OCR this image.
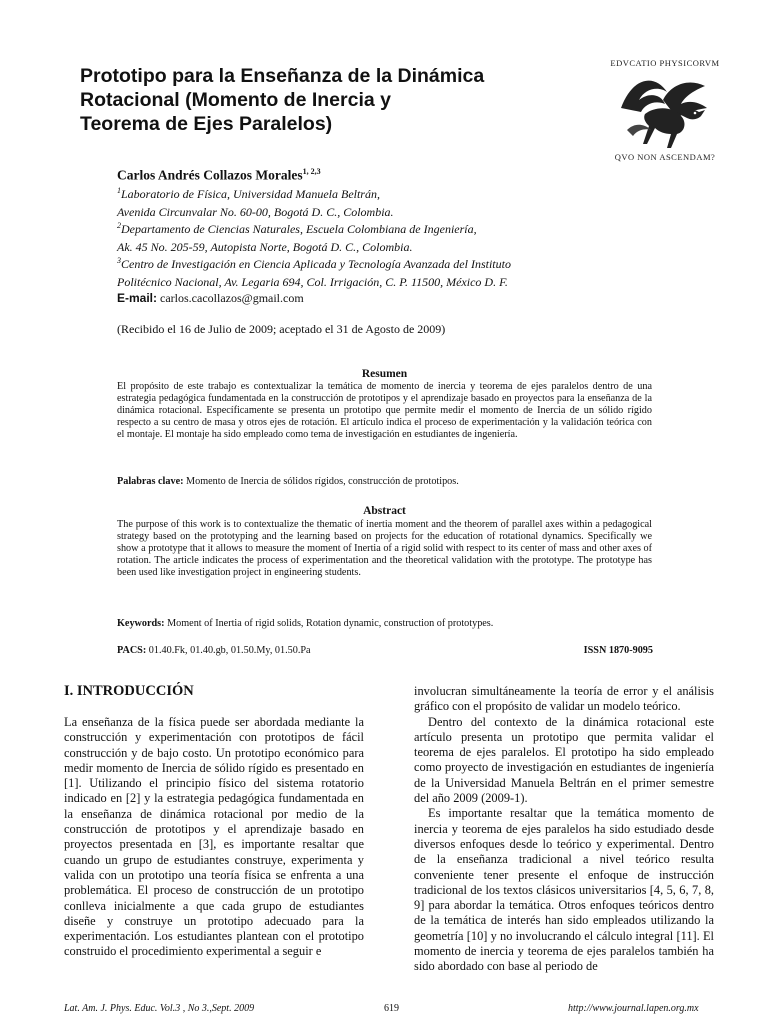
Prototipo para la Enseñanza de la Dinámica
Rotacional (Momento de Inercia y
Teorema de Ejes Paralelos)
EDVCATIO PHYSICORVM
QVO NON ASCENDAM?
Carlos Andrés Collazos Morales$^{1, 2,3}$
$^1$Laboratorio de Física, Universidad Manuela Beltrán,
Avenida Circunvalar No. 60-00, Bogotá D. C., Colombia.
$^2$Departamento de Ciencias Naturales, Escuela Colombiana de Ingeniería,
Ak. 45 No. 205-59, Autopista Norte, Bogotá D. C., Colombia.
$^3$Centro de Investigación en Ciencia Aplicada y Tecnología Avanzada del Instituto
Politécnico Nacional, Av. Legaria 694, Col. Irrigación, C. P. 11500, México D. F.
E-mail: carlos.cacollazos@gmail.com
(Recibido el 16 de Julio de 2009; aceptado el 31 de Agosto de 2009)
Resumen

El propósito de este trabajo es contextualizar la temática de momento de inercia y teorema de ejes paralelos dentro de una estrategia pedagógica fundamentada en la construcción de prototipos y el aprendizaje basado en proyectos para la enseñanza de la dinámica rotacional. Específicamente se presenta un prototipo que permite medir el momento de Inercia de un sólido rígido respecto a su centro de masa y otros ejes de rotación. El artículo indica el proceso de experimentación y la validación teórica con el montaje. El montaje ha sido empleado como tema de investigación en estudiantes de ingeniería.

Palabras clave: Momento de Inercia de sólidos rígidos, construcción de prototipos.
Abstract

The purpose of this work is to contextualize the thematic of inertia moment and the theorem of parallel axes within a pedagogical strategy based on the prototyping and the learning based on projects for the education of rotational dynamics. Specifically we show a prototype that it allows to measure the moment of Inertia of a rigid solid with respect to its center of mass and other axes of rotation. The article indicates the process of experimentation and the theoretical validation with the prototype. The prototype has been used like investigation project in engineering students.

Keywords: Moment of Inertia of rigid solids, Rotation dynamic, construction of prototypes.
PACS: 01.40.Fk, 01.40.gb, 01.50.My, 01.50.Pa	ISSN 1870-9095
I. INTRODUCCIÓN

La enseñanza de la física puede ser abordada mediante la construcción y experimentación con prototipos de fácil construcción y de bajo costo. Un prototipo económico para medir momento de Inercia de sólido rígido es presentado en [1]. Utilizando el principio físico del sistema rotatorio indicado en [2] y la estrategia pedagógica fundamentada en la enseñanza de dinámica rotacional por medio de la construcción de prototipos y el aprendizaje basado en proyectos presentada en [3], es importante resaltar que cuando un grupo de estudiantes construye, experimenta y valida con un prototipo una teoría física se enfrenta a una problemática. El proceso de construcción de un prototipo conlleva inicialmente a que cada grupo de estudiantes diseñe y construye un prototipo adecuado para la experimentación. Los estudiantes plantean con el prototipo construido el procedimiento experimental a seguir e

involucran simultáneamente la teoría de error y el análisis gráfico con el propósito de validar un modelo teórico.

Dentro del contexto de la dinámica rotacional este artículo presenta un prototipo que permita validar el teorema de ejes paralelos. El prototipo ha sido empleado como proyecto de investigación en estudiantes de ingeniería de la Universidad Manuela Beltrán en el primer semestre del año 2009 (2009-1).

Es importante resaltar que la temática momento de inercia y teorema de ejes paralelos ha sido estudiado desde diversos enfoques desde lo teórico y experimental. Dentro de la enseñanza tradicional a nivel teórico resulta conveniente tener presente el enfoque de instrucción tradicional de los textos clásicos universitarios [4, 5, 6, 7, 8, 9] para abordar la temática. Otros enfoques teóricos dentro de la temática de interés han sido empleados utilizando la geometría [10] y no involucrando el cálculo integral [11]. El momento de inercia y teorema de ejes paralelos también ha sido abordado con base al periodo de

Lat. Am. J. Phys. Educ. Vol.3 , No 3.,Sept. 2009	619	http://www.journal.lapen.org.mx
